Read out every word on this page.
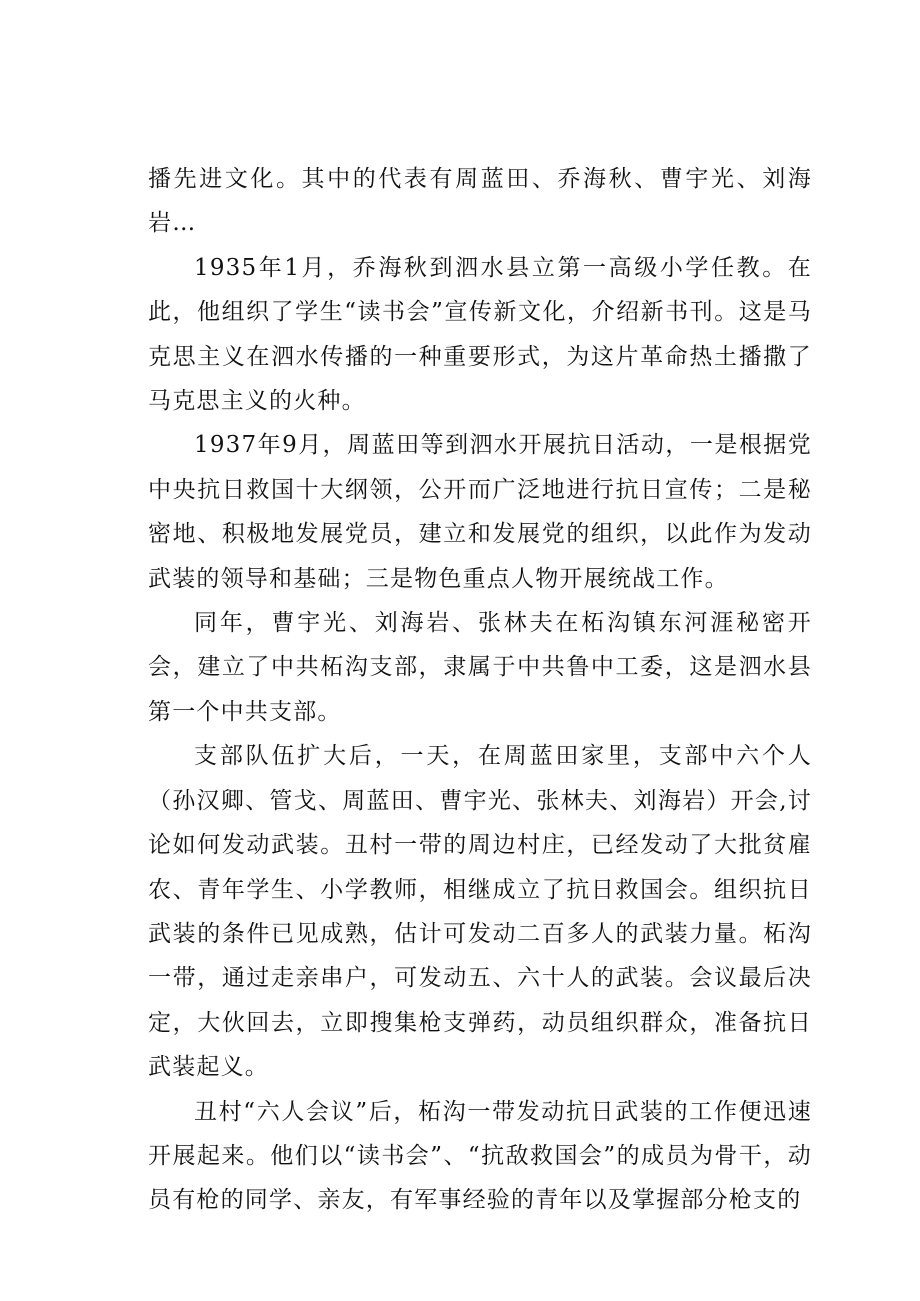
播先进文化。其中的代表有周蓝田、乔海秋、曹宇光、刘海岩…

1935年1月，乔海秋到泗水县立第一高级小学任教。在此，他组织了学生“读书会”宣传新文化，介绍新书刊。这是马克思主义在泗水传播的一种重要形式，为这片革命热土播撒了马克思主义的火种。

1937年9月，周蓝田等到泗水开展抗日活动，一是根据党中央抗日救国十大纲领，公开而广泛地进行抗日宣传；二是秘密地、积极地发展党员，建立和发展党的组织，以此作为发动武装的领导和基础；三是物色重点人物开展统战工作。

同年，曹宇光、刘海岩、张林夫在柘沟镇东河涯秘密开会，建立了中共柘沟支部，隶属于中共鲁中工委，这是泗水县第一个中共支部。

支部队伍扩大后，一天，在周蓝田家里，支部中六个人（孙汉卿、管戈、周蓝田、曹宇光、张林夫、刘海岩）开会,讨论如何发动武装。丑村一带的周边村庄，已经发动了大批贫雇农、青年学生、小学教师，相继成立了抗日救国会。组织抗日武装的条件已见成熟，估计可发动二百多人的武装力量。柘沟一带，通过走亲串户，可发动五、六十人的武装。会议最后决定，大伙回去，立即搜集枪支弹药，动员组织群众，准备抗日武装起义。

丑村“六人会议”后，柘沟一带发动抗日武装的工作便迅速开展起来。他们以“读书会”、“抗敌救国会”的成员为骨干，动员有枪的同学、亲友，有军事经验的青年以及掌握部分枪支的
